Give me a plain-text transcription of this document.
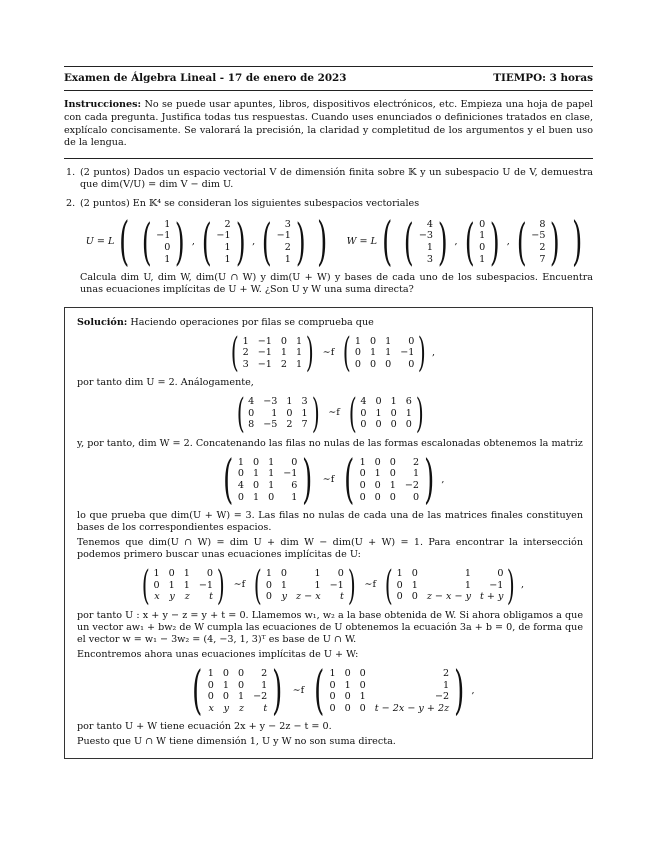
Examen de Álgebra Lineal - 17 de enero de 2023	TIEMPO: 3 horas
Instrucciones: No se puede usar apuntes, libros, dispositivos electrónicos, etc. Empieza una hoja de papel con cada pregunta. Justifica todas tus respuestas. Cuando uses enunciados o definiciones tratados en clase, explícalo concisamente. Se valorará la precisión, la claridad y completitud de los argumentos y el buen uso de la lengua.
1. (2 puntos) Dados un espacio vectorial V de dimensión finita sobre 𝕂 y un subespacio U de V, demuestra que dim(V/U) = dim V − dim U.
2. (2 puntos) En 𝕂⁴ se consideran los siguientes subespacios vectoriales
U = L ( (	1
−1
0
1 ) , (	2
−1
1
1 ) , (	3
−1
2
1 ) ) W = L ( (	4
−3
1
3 ) , ( 0
1
0
1 ) , (	8
−5
2
7 ) )
Calcula dim U, dim W, dim(U ∩ W) y dim(U + W) y bases de cada uno de los subespacios. Encuentra unas ecuaciones implícitas de U + W. ¿Son U y W una suma directa?

Solución: Haciendo operaciones por filas se comprueba que

( 1 −1 0 1
2 −1 1 1
3 −1 2 1 ) ∼f ( 1 0 1	0
0 1 1 −1
0 0 0	0 ) ,

por tanto dim U = 2. Análogamente,

( 4 −3 1 3
0	1 0 1
8 −5 2 7 ) ∼f ( 4 0 1 6
0 1 0 1
0 0 0 0 )

y, por tanto, dim W = 2. Concatenando las filas no nulas de las formas escalonadas obtenemos la matriz

( 1 0 1	0
0 1 1 −1
4 0 1	6
0 1 0	1 ) ∼f ( 1 0 0	2
0 1 0	1
0 0 1 −2
0 0 0	0 ) ,

lo que prueba que dim(U + W) = 3. Las filas no nulas de cada una de las matrices finales constituyen bases de los correspondientes espacios.

Tenemos que dim(U ∩ W) = dim U + dim W − dim(U + W) = 1. Para encontrar la intersección podemos primero buscar unas ecuaciones implícitas de U:

( 1 0 1	0
0 1 1 −1
x y z	t ) ∼f ( 1 0	1	0
0 1	1 −1
0 y z − x	t ) ∼f ( 1 0	1	0
0 1	1	−1
0 0 z − x − y t + y ) ,

por tanto U : x + y − z = y + t = 0. Llamemos w₁, w₂ a la base obtenida de W. Si ahora obligamos a que un vector aw₁ + bw₂ de W cumpla las ecuaciones de U obtenemos la ecuación 3a + b = 0, de forma que el vector w = w₁ − 3w₂ = (4, −3, 1, 3)ᵀ es base de U ∩ W.

Encontremos ahora unas ecuaciones implícitas de U + W:

( 1 0 0	2
0 1 0	1
0 0 1 −2
x y z	t ) ∼f ( 1 0 0	2
0 1 0	1
0 0 1	−2
0 0 0 t − 2x − y + 2z ) ,

por tanto U + W tiene ecuación 2x + y − 2z − t = 0.

Puesto que U ∩ W tiene dimensión 1, U y W no son suma directa.
